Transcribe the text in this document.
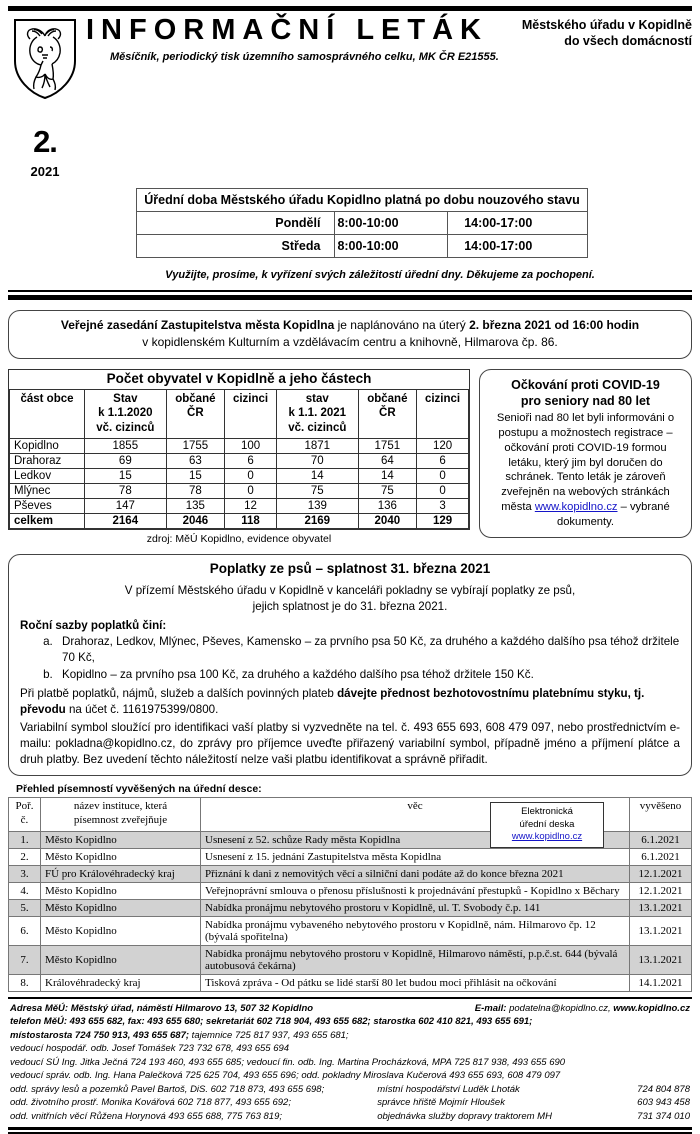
2.
2021
INFORMAČNÍ LETÁK	Městského úřadu v Kopidlně
do všech domácností
Měsíčník, periodický tisk územního samosprávného celku, MK ČR E21555.
Úřední doba Městského úřadu Kopidlno platná po dobu nouzového stavu		
Pondělí	8:00-10:00	14:00-17:00
Středa	8:00-10:00	14:00-17:00
Využijte, prosíme, k vyřízení svých záležitostí úřední dny. Děkujeme za pochopení.
Veřejné zasedání Zastupitelstva města Kopidlna je naplánováno na úterý 2. března 2021 od 16:00 hodin
v kopidlenském Kulturním a vzdělávacím centru a knihovně, Hilmarova čp. 86.
Počet obyvatel v Kopidlně a jeho částech
část obce	Stav
k 1.1.2020
vč. cizinců	občané
ČR	cizinci	stav
k 1.1. 2021
vč. cizinců	občané
ČR	cizinci
Kopidlno	1855	1755	100	1871	1751	120
Drahoraz	69	63	6	70	64	6
Ledkov	15	15	0	14	14	0
Mlýnec	78	78	0	75	75	0
Pševes	147	135	12	139	136	3
celkem	2164	2046	118	2169	2040	129
zdroj: MěÚ Kopidlno, evidence obyvatel
Očkování proti COVID-19
pro seniory nad 80 let
Senioři nad 80 let byli informováni o postupu a možnostech registrace – očkování proti COVID-19 formou letáku, který jim byl doručen do schránek. Tento leták je zároveň zveřejněn na webových stránkách města www.kopidlno.cz – vybrané dokumenty.
Poplatky ze psů – splatnost 31. března 2021
V přízemí Městského úřadu v Kopidlně v kanceláři pokladny se vybírají poplatky ze psů,
jejich splatnost je do 31. března 2021.
Roční sazby poplatků činí:
a. Drahoraz, Ledkov, Mlýnec, Pševes, Kamensko – za prvního psa 50 Kč, za druhého a každého dalšího psa téhož držitele 70 Kč,
b. Kopidlno – za prvního psa 100 Kč, za druhého a každého dalšího psa téhož držitele 150 Kč.
Při platbě poplatků, nájmů, služeb a dalších povinných plateb dávejte přednost bezhotovostnímu platebnímu styku, tj. převodu na účet č. 1161975399/0800.
Variabilní symbol sloužící pro identifikaci vaší platby si vyzvedněte na tel. č. 493 655 693, 608 479 097, nebo prostřednictvím e-mailu: pokladna@kopidlno.cz, do zprávy pro příjemce uveďte přiřazený variabilní symbol, případně jméno a příjmení plátce a druh platby. Bez uvedení těchto náležitostí nelze vaši platbu identifikovat a správně přiřadit.
Přehled písemností vyvěšených na úřední desce:
Elektronická
úřední deska
www.kopidlno.cz
Poř.
č.	název instituce, která
písemnost zveřejňuje	věc	vyvěšeno
1.	Město Kopidlno	Usnesení z 52. schůze Rady města Kopidlna	6.1.2021
2.	Město Kopidlno	Usnesení z 15. jednání Zastupitelstva města Kopidlna	6.1.2021
3.	FÚ pro Královéhradecký kraj	Přiznání k dani z nemovitých věcí a silniční dani podáte až do konce března 2021	12.1.2021
4.	Město Kopidlno	Veřejnoprávní smlouva o přenosu příslušnosti k projednávání přestupků - Kopidlno x Běchary	12.1.2021
5.	Město Kopidlno	Nabídka pronájmu nebytového prostoru v Kopidlně, ul. T. Svobody č.p. 141	13.1.2021
6.	Město Kopidlno	Nabídka pronájmu vybaveného nebytového prostoru v Kopidlně, nám. Hilmarovo čp. 12 (bývalá spořitelna)	13.1.2021
7.	Město Kopidlno	Nabídka pronájmu nebytového prostoru v Kopidlně, Hilmarovo náměstí, p.p.č.st. 644 (bývalá autobusová čekárna)	13.1.2021
8.	Královéhradecký kraj	Tisková zpráva - Od pátku se lidé starší 80 let budou moci přihlásit na očkování	14.1.2021
Adresa MěÚ: Městský úřad, náměstí Hilmarovo 13, 507 32 Kopidlno	E-mail: podatelna@kopidlno.cz, www.kopidlno.cz
telefon MěÚ: 493 655 682, fax: 493 655 680; sekretariát 602 718 904, 493 655 682; starostka 602 410 821, 493 655 691;
místostarosta 724 750 913, 493 655 687; tajemnice 725 817 937, 493 655 681;
vedoucí hospodář. odb. Josef Tomášek 723 732 678, 493 655 694
vedoucí SÚ Ing. Jitka Ječná 724 193 460, 493 655 685; vedoucí fin. odb. Ing. Martina Procházková, MPA 725 817 938, 493 655 690
vedoucí správ. odb. Ing. Hana Palečková 725 625 704, 493 655 696; odd. pokladny Miroslava Kučerová 493 655 693, 608 479 097
odd. správy lesů a pozemků Pavel Bartoš, DiS. 602 718 873, 493 655 698;	místní hospodářství Luděk Lhoták	724 804 878
odd. životního prostř. Monika Kovářová 602 718 877, 493 655 692;	správce hřiště Mojmír Hloušek	603 943 458
odd. vnitřních věcí Růžena Horynová 493 655 688, 775 763 819;	objednávka služby dopravy traktorem MH	731 374 010
